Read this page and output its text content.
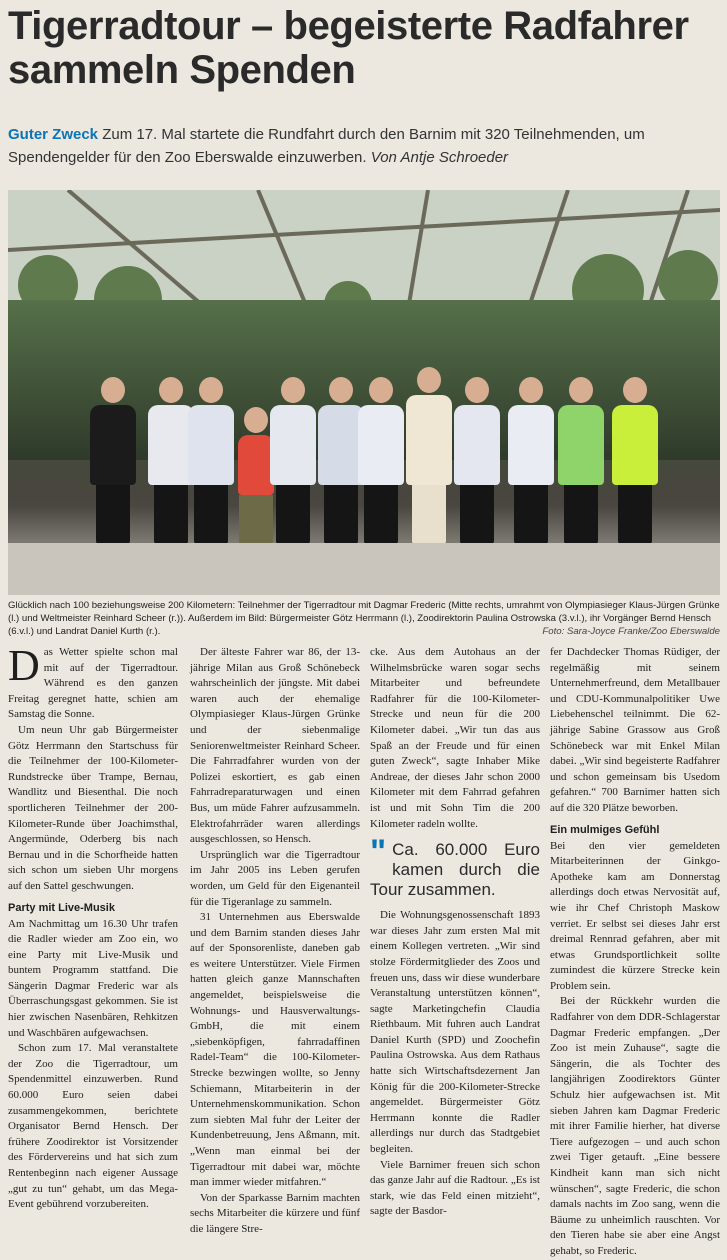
Tigerradtour – begeisterte Radfahrer sammeln Spenden
Guter Zweck Zum 17. Mal startete die Rundfahrt durch den Barnim mit 320 Teilnehmenden, um Spendengelder für den Zoo Eberswalde einzuwerben. Von Antje Schroeder
Glücklich nach 100 beziehungsweise 200 Kilometern: Teilnehmer der Tigerradtour mit Dagmar Frederic (Mitte rechts, umrahmt von Olympiasieger Klaus-Jürgen Grünke (l.) und Weltmeister Reinhard Scheer (r.)). Außerdem im Bild: Bürgermeister Götz Herrmann (l.), Zoodirektorin Paulina Ostrowska (3.v.l.), ihr Vorgänger Bernd Hensch (6.v.l.) und Landrat Daniel Kurth (r.).	Foto: Sara-Joyce Franke/Zoo Eberswalde

Das Wetter spielte schon mal mit auf der Tigerradtour. Während es den ganzen Freitag geregnet hatte, schien am Samstag die Sonne.

Um neun Uhr gab Bürgermeister Götz Herrmann den Startschuss für die Teilnehmer der 100-Kilometer-Rundstrecke über Trampe, Bernau, Wandlitz und Biesenthal. Die noch sportlicheren Teilnehmer der 200-Kilometer-Runde über Joachimsthal, Angermünde, Oderberg bis nach Bernau und in die Schorfheide hatten sich schon um sieben Uhr morgens auf den Sattel geschwungen.

Party mit Live-Musik

Am Nachmittag um 16.30 Uhr trafen die Radler wieder am Zoo ein, wo eine Party mit Live-Musik und buntem Programm stattfand. Die Sängerin Dagmar Frederic war als Überraschungsgast gekommen. Sie ist hier zwischen Nasenbären, Rehkitzen und Waschbären aufgewachsen.

Schon zum 17. Mal veranstaltete der Zoo die Tigerradtour, um Spendenmittel einzuwerben. Rund 60.000 Euro seien dabei zusammengekommen, berichtete Organisator Bernd Hensch. Der frühere Zoodirektor ist Vorsitzender des Fördervereins und hat sich zum Rentenbeginn nach eigener Aussage „gut zu tun“ gehabt, um das Mega-Event gebührend vorzubereiten.

Der älteste Fahrer war 86, der 13-jährige Milan aus Groß Schönebeck wahrscheinlich der jüngste. Mit dabei waren auch der ehemalige Olympiasieger Klaus-Jürgen Grünke und der siebenmalige Seniorenweltmeister Reinhard Scheer. Die Fahrradfahrer wurden von der Polizei eskortiert, es gab einen Fahrradreparaturwagen und einen Bus, um müde Fahrer aufzusammeln. Elektrofahrräder waren allerdings ausgeschlossen, so Hensch.

Ursprünglich war die Tigerradtour im Jahr 2005 ins Leben gerufen worden, um Geld für den Eigenanteil für die Tigeranlage zu sammeln.

31 Unternehmen aus Eberswalde und dem Barnim standen dieses Jahr auf der Sponsorenliste, daneben gab es weitere Unterstützer. Viele Firmen hatten gleich ganze Mannschaften angemeldet, beispielsweise die Wohnungs- und Hausverwaltungs-GmbH, die mit einem „siebenköpfigen, fahrradaffinen Radel-Team“ die 100-Kilometer-Strecke bezwingen wollte, so Jenny Schiemann, Mitarbeiterin in der Unternehmenskommunikation. Schon zum siebten Mal fuhr der Leiter der Kundenbetreuung, Jens Aßmann, mit. „Wenn man einmal bei der Tigerradtour mit dabei war, möchte man immer wieder mitfahren.“

Von der Sparkasse Barnim machten sechs Mitarbeiter die kürzere und fünf die längere Stre-

cke. Aus dem Autohaus an der Wilhelmsbrücke waren sogar sechs Mitarbeiter und befreundete Radfahrer für die 100-Kilometer-Strecke und neun für die 200 Kilometer dabei. „Wir tun das aus Spaß an der Freude und für einen guten Zweck“, sagte Inhaber Mike Andreae, der dieses Jahr schon 2000 Kilometer mit dem Fahrrad gefahren ist und mit Sohn Tim die 200 Kilometer radeln wollte.

" Ca. 60.000 Euro kamen durch die Tour zusammen.

Die Wohnungsgenossenschaft 1893 war dieses Jahr zum ersten Mal mit einem Kollegen vertreten. „Wir sind stolze Fördermitglieder des Zoos und freuen uns, dass wir diese wunderbare Veranstaltung unterstützen können“, sagte Marketingchefin Claudia Riethbaum. Mit fuhren auch Landrat Daniel Kurth (SPD) und Zoochefin Paulina Ostrowska. Aus dem Rathaus hatte sich Wirtschaftsdezernent Jan König für die 200-Kilometer-Strecke angemeldet. Bürgermeister Götz Herrmann konnte die Radler allerdings nur durch das Stadtgebiet begleiten.

Viele Barnimer freuen sich schon das ganze Jahr auf die Radtour. „Es ist stark, wie das Feld einen mitzieht“, sagte der Basdor-

fer Dachdecker Thomas Rüdiger, der regelmäßig mit seinem Unternehmerfreund, dem Metallbauer und CDU-Kommunalpolitiker Uwe Liebehenschel teilnimmt. Die 62-jährige Sabine Grassow aus Groß Schönebeck war mit Enkel Milan dabei. „Wir sind begeisterte Radfahrer und schon gemeinsam bis Usedom gefahren.“ 700 Barnimer hatten sich auf die 320 Plätze beworben.

Ein mulmiges Gefühl

Bei den vier gemeldeten Mitarbeiterinnen der Ginkgo-Apotheke kam am Donnerstag allerdings doch etwas Nervosität auf, wie ihr Chef Christoph Maskow verriet. Er selbst sei dieses Jahr erst dreimal Rennrad gefahren, aber mit etwas Grundsportlichkeit sollte zumindest die kürzere Strecke kein Problem sein.

Bei der Rückkehr wurden die Radfahrer von dem DDR-Schlagerstar Dagmar Frederic empfangen. „Der Zoo ist mein Zuhause“, sagte die Sängerin, die als Tochter des langjährigen Zoodirektors Günter Schulz hier aufgewachsen ist. Mit sieben Jahren kam Dagmar Frederic mit ihrer Familie hierher, hat diverse Tiere aufgezogen – und auch schon zwei Tiger getauft. „Eine bessere Kindheit kann man sich nicht wünschen“, sagte Frederic, die schon damals nachts im Zoo sang, wenn die Bäume zu unheimlich rauschten. Vor den Tieren habe sie aber eine Angst gehabt, so Frederic.
